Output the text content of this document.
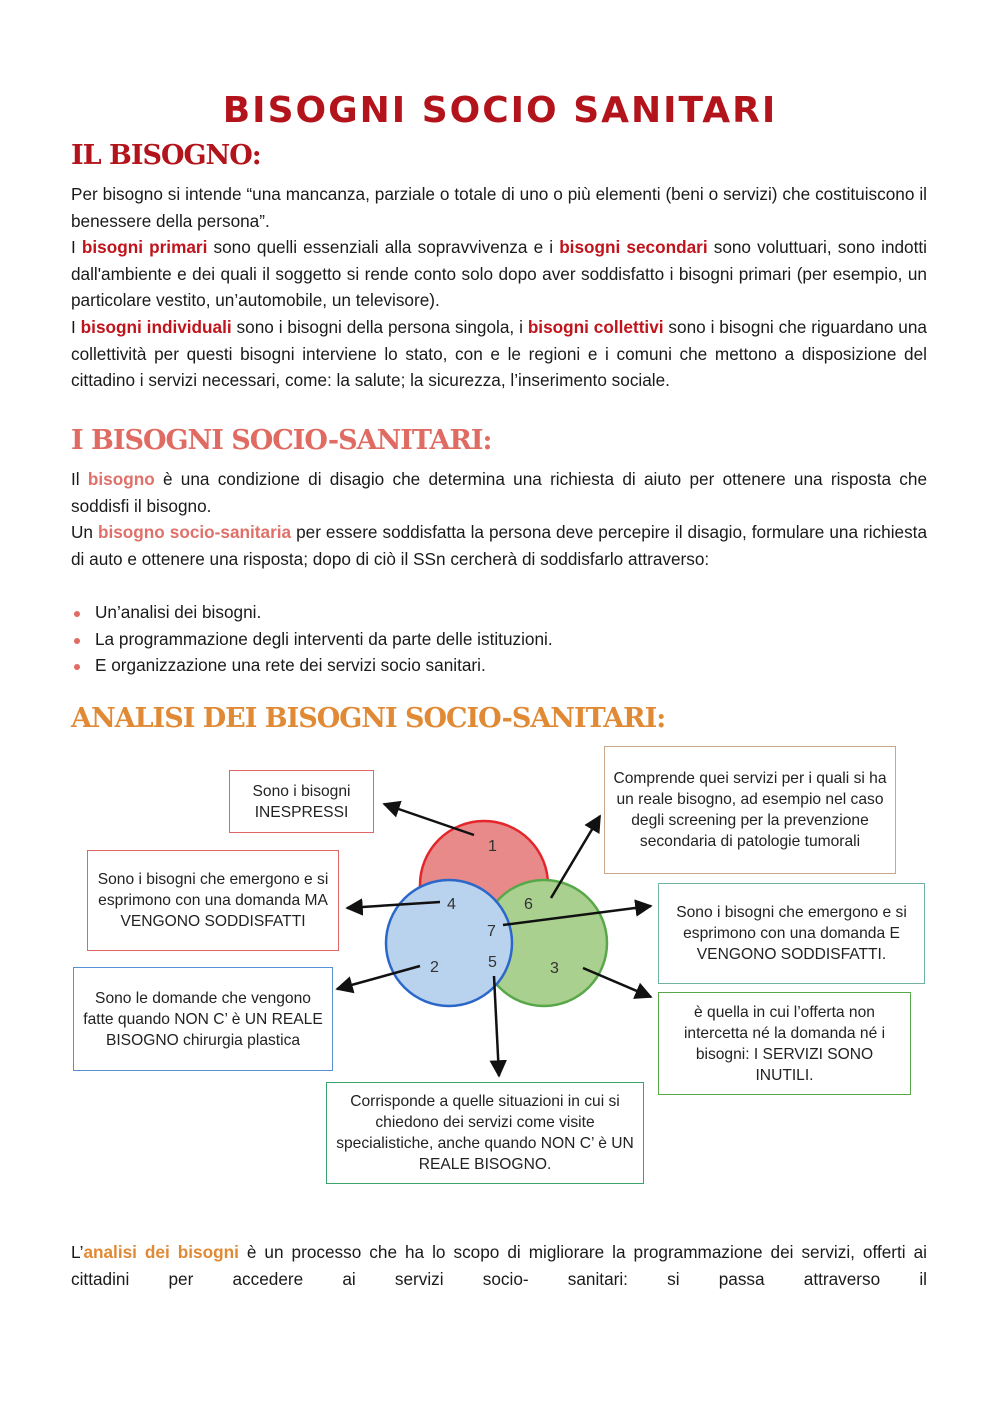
BISOGNI SOCIO SANITARI
IL BISOGNO:

Per bisogno si intende “una mancanza, parziale o totale di uno o più elementi (beni o servizi) che costituiscono il benessere della persona”.

I bisogni primari sono quelli essenziali alla sopravvivenza e i bisogni secondari sono voluttuari, sono indotti dall'ambiente e dei quali il soggetto si rende conto solo dopo aver soddisfatto i bisogni primari (per esempio, un particolare vestito, un’automobile, un televisore).

I bisogni individuali sono i bisogni della persona singola, i bisogni collettivi sono i bisogni che riguardano una collettività per questi bisogni interviene lo stato, con e le regioni e i comuni che mettono a disposizione del cittadino i servizi necessari, come: la salute; la sicurezza, l’inserimento sociale.

I BISOGNI SOCIO-SANITARI:

Il bisogno è una condizione di disagio che determina una richiesta di aiuto per ottenere una risposta che soddisfi il bisogno.

Un bisogno socio-sanitaria per essere soddisfatta la persona deve percepire il disagio, formulare una richiesta di auto e ottenere una risposta; dopo di ciò il SSn cercherà di soddisfarlo attraverso:

Un’analisi dei bisogni.
La programmazione degli interventi da parte delle istituzioni.
E organizzazione una rete dei servizi socio sanitari.
ANALISI DEI BISOGNI SOCIO-SANITARI:
1
2	3
4
5
6
7
Sono i bisogni INESPRESSI
Comprende quei servizi per i quali si ha un reale bisogno, ad esempio nel caso degli screening per la prevenzione secondaria di patologie tumorali
Sono i bisogni che emergono e si esprimono con una domanda MA VENGONO SODDISFATTI
Sono i bisogni che emergono e si esprimono con una domanda E VENGONO SODDISFATTI.
Sono le domande che vengono fatte quando NON C’ è UN REALE BISOGNO chirurgia plastica
è quella in cui l’offerta non intercetta né la domanda né i bisogni: I SERVIZI SONO INUTILI.
Corrisponde a quelle situazioni in cui si chiedono dei servizi come visite specialistiche, anche quando NON C’ è UN REALE BISOGNO.

L’analisi dei bisogni è un processo che ha lo scopo di migliorare la programmazione dei servizi, offerti ai cittadini per accedere ai servizi socio- sanitari: si passa attraverso il
